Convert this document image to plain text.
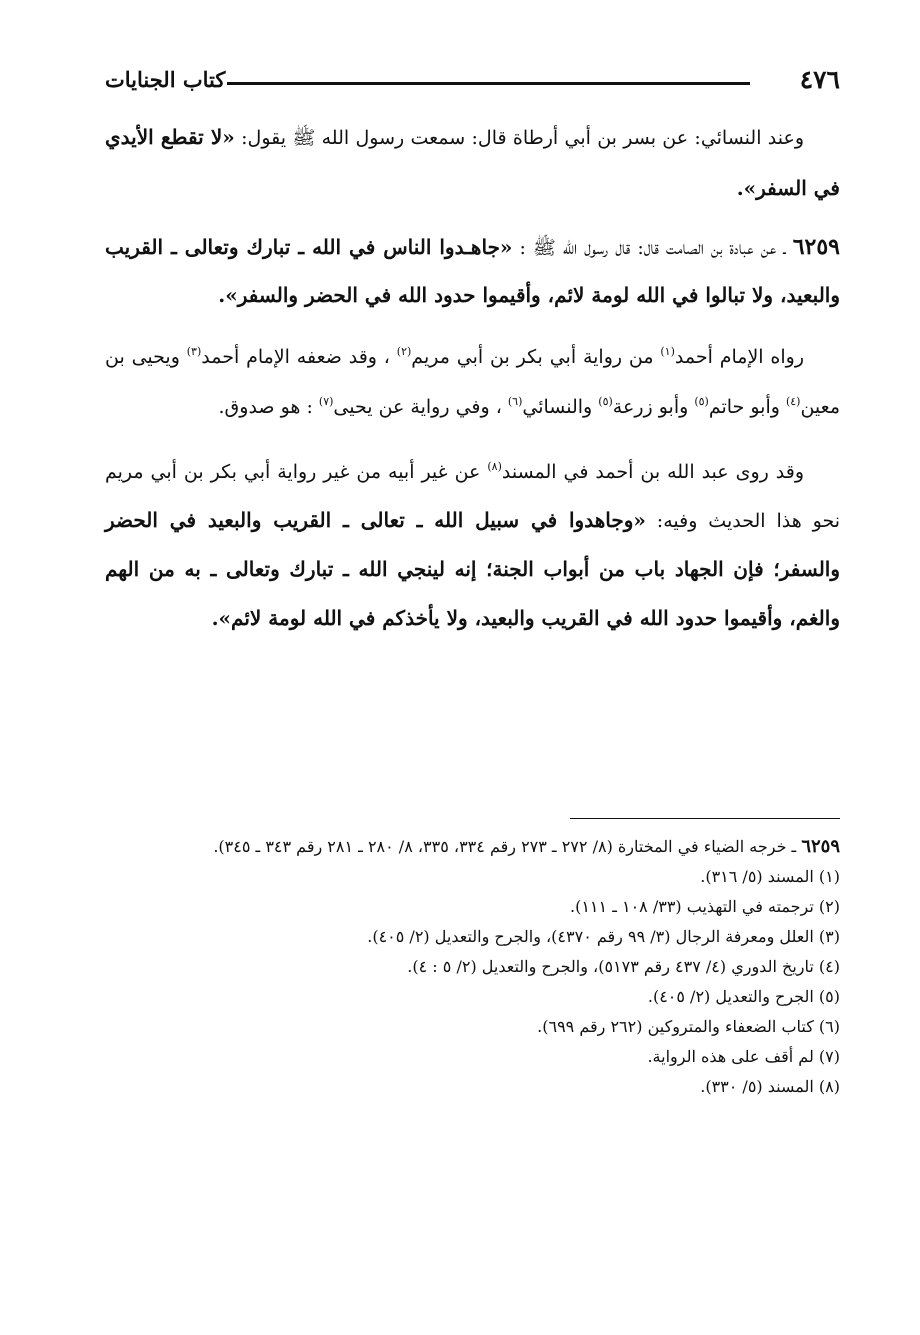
٤٧٦
كتاب الجنايات

وعند النسائي: عن بسر بن أبي أرطاة قال: سمعت رسول الله ﷺ يقول: «لا تقطع الأيدي في السفر».

٦٢٥٩ ـ عن عبادة بن الصامت قال: قال رسول الله ﷺ : «جاهـدوا الناس في الله ـ تبارك وتعالى ـ القريب والبعيد، ولا تبالوا في الله لومة لائم، وأقيموا حدود الله في الحضر والسفر».

رواه الإمام أحمد$^{(١)}$ من رواية أبي بكر بن أبي مريم$^{(٢)}$ ، وقد ضعفه الإمام أحمد$^{(٣)}$ ويحيى بن معين$^{(٤)}$ وأبو حاتم$^{(٥)}$ وأبو زرعة$^{(٥)}$ والنسائي$^{(٦)}$ ، وفي رواية عن يحيى$^{(٧)}$ : هو صدوق.

وقد روى عبد الله بن أحمد في المسند$^{(٨)}$ عن غير أبيه من غير رواية أبي بكر بن أبي مريم نحو هذا الحديث وفيه: «وجاهدوا في سبيل الله ـ تعالى ـ القريب والبعيد في الحضر والسفر؛ فإن الجهاد باب من أبواب الجنة؛ إنه لينجي الله ـ تبارك وتعالى ـ به من الهم والغم، وأقيموا حدود الله في القريب والبعيد، ولا يأخذكم في الله لومة لائم».

٦٢٥٩ ـ خرجه الضياء في المختارة (٨/ ٢٧٢ ـ ٢٧٣ رقم ٣٣٤، ٣٣٥، ٨/ ٢٨٠ ـ ٢٨١ رقم ٣٤٣ ـ ٣٤٥).

(١) المسند (٥/ ٣١٦).

(٢) ترجمته في التهذيب (٣٣/ ١٠٨ ـ ١١١).

(٣) العلل ومعرفة الرجال (٣/ ٩٩ رقم ٤٣٧٠)، والجرح والتعديل (٢/ ٤٠٥).

(٤) تاريخ الدوري (٤/ ٤٣٧ رقم ٥١٧٣)، والجرح والتعديل (٢/ ٥ : ٤).

(٥) الجرح والتعديل (٢/ ٤٠٥).

(٦) كتاب الضعفاء والمتروكين (٢٦٢ رقم ٦٩٩).

(٧) لم أقف على هذه الرواية.

(٨) المسند (٥/ ٣٣٠).
